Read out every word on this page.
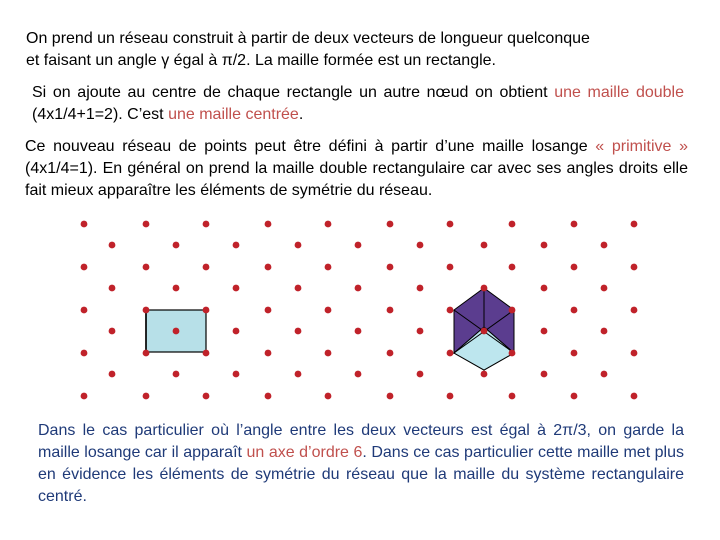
On prend un réseau construit à partir de deux vecteurs de longueur quelconque
et faisant un angle γ égal à π/2. La maille formée est un rectangle.
Si on ajoute au centre de chaque rectangle un autre nœud on obtient une maille double (4x1/4+1=2). C’est une maille centrée.
Ce nouveau réseau de points peut être défini à partir d’une maille losange « primitive » (4x1/4=1). En général on prend la maille double rectangulaire car avec ses angles droits elle fait mieux apparaître les éléments de symétrie du réseau.
Dans le cas particulier où l’angle entre les deux vecteurs est égal à 2π/3, on garde la maille losange car il apparaît un axe d’ordre 6. Dans ce cas particulier cette maille met plus en évidence les éléments de symétrie du réseau que la maille du système rectangulaire centré.
